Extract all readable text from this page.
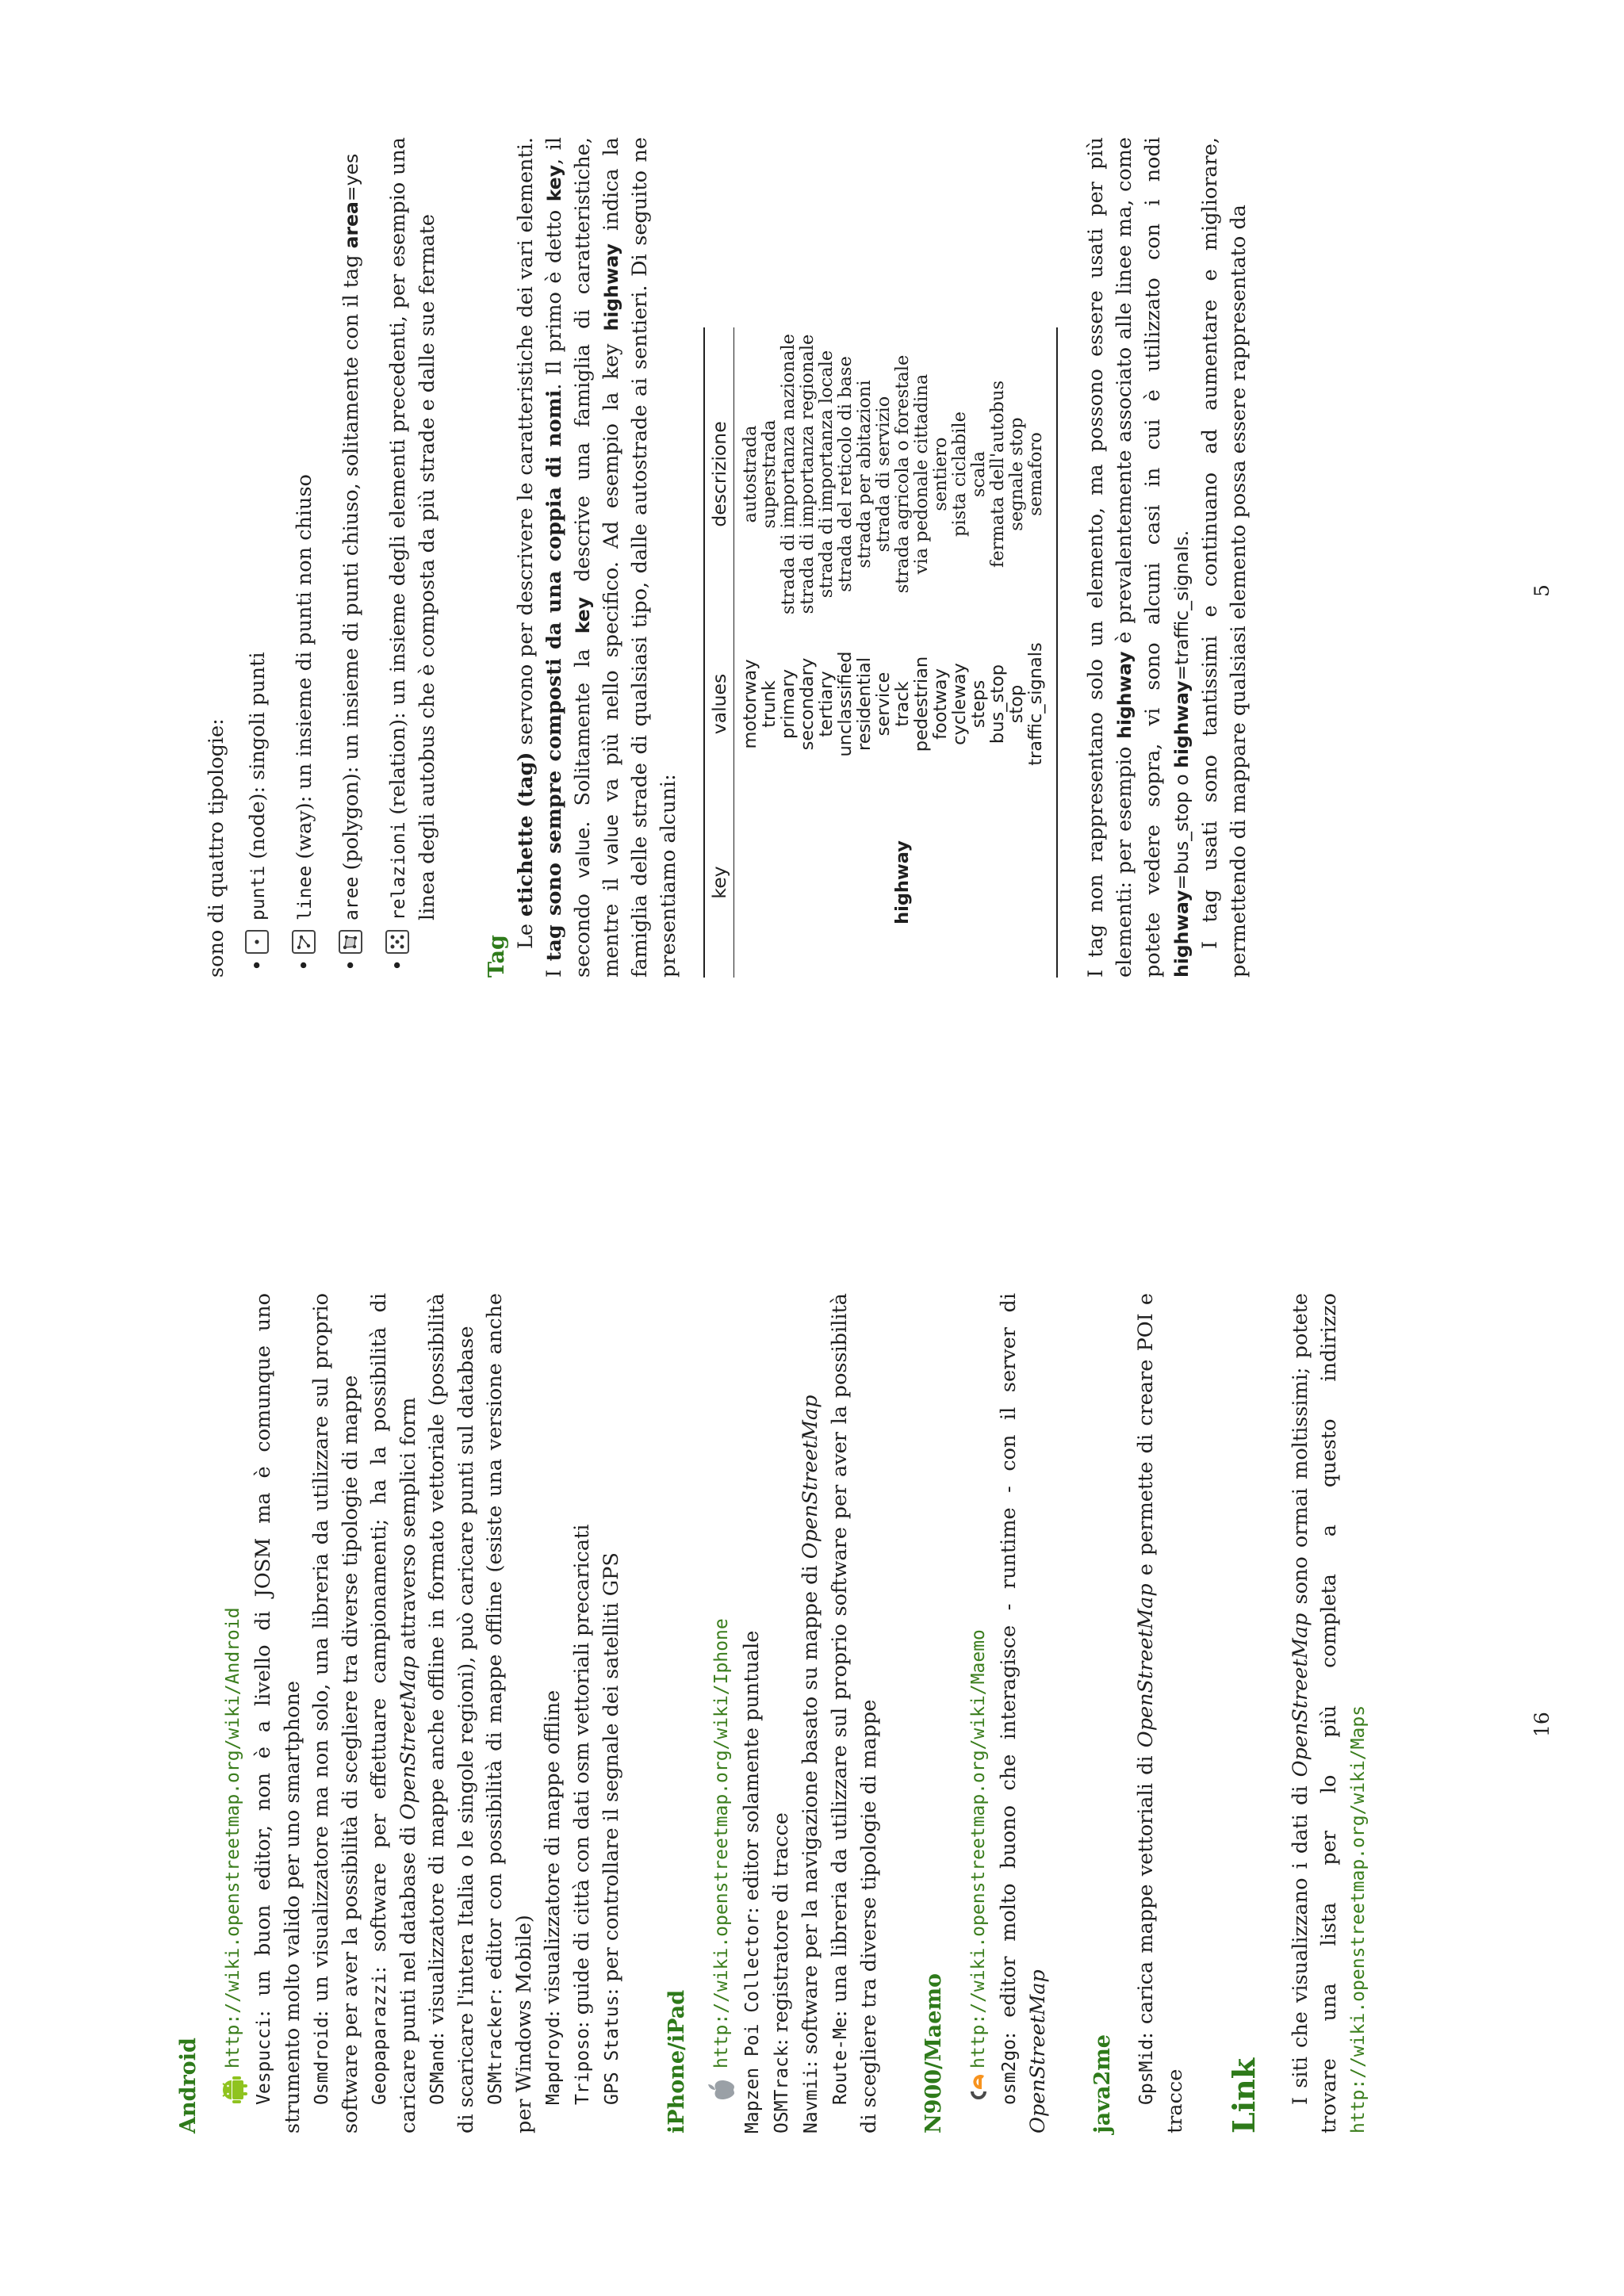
Android
http://wiki.openstreetmap.org/wiki/Android Vespucci: un buon editor, non è a livello di JOSM ma è comunque uno strumento molto valido per uno smartphone Osmdroid: un visualizzatore ma non solo, una libreria da utilizzare sul proprio software per aver la possibilità di scegliere tra diverse tipologie di mappe Geopaparazzi: software per effettuare campionamenti; ha la possibilità di caricare punti nel database di OpenStreetMap attraverso semplici form

OSMand: visualizzatore di mappe anche offline in formato vettoriale (possibilità di scaricare l'intera Italia o le singole regioni), può caricare punti sul database OSMtracker: editor con possibilità di mappe offline (esiste una versione anche per Windows Mobile) Mapdroyd: visualizzatore di mappe offline

Triposo: guide di città con dati osm vettoriali precaricati

GPS Status: per controllare il segnale dei satelliti GPS

iPhone/iPad http://wiki.openstreetmap.org/wiki/Iphone Mapzen Poi Collector: editor solamente puntuale

OSMTrack: registratore di tracce

Navmii: software per la navigazione basato su mappe di OpenStreetMap

Route-Me: una libreria da utilizzare sul proprio software per aver la possibilità di scegliere tra diverse tipologie di mappe N900/Maemo http://wiki.openstreetmap.org/wiki/Maemo

osm2go: editor molto buono che interagisce - runtime - con il server di OpenStreetMap java2me GpsMid: carica mappe vettoriali di OpenStreetMap e permette di creare POI e tracce Link I siti che visualizzano i dati di OpenStreetMap sono ormai moltissimi; potete trovare una lista per lo più completa a questo indirizzo http://wiki.openstreetmap.org/wiki/Maps	16

sono di quattro tipologie: •
punti (node): singoli punti
•
linee (way): un insieme di punti non chiuso
•
aree (polygon): un insieme di punti chiuso, solitamente con il tag area=yes
•
relazioni (relation): un insieme degli elementi precedenti, per esempio una linea degli autobus che è composta da più strade e dalle sue fermate
Tag

Le etichette (tag) servono per descrivere le caratteristiche dei vari elementi. I tag sono sempre composti da una coppia di nomi. Il primo è detto key, il secondo value. Solitamente la key descrive una famiglia di caratteristiche, mentre il value va più nello specifico. Ad esempio la key highway indica la famiglia delle strade di qualsiasi tipo, dalle autostrade ai sentieri. Di seguito ne presentiamo alcuni: key	values	descrizione
	motorway	autostrada
	trunk	superstrada
	primary	strada di importanza nazionale
	secondary	strada di importanza regionale
	tertiary	strada di importanza locale
	unclassified	strada del reticolo di base
	residential	strada per abitazioni
	service	strada di servizio
highway	track	strada agricola o forestale
	pedestrian	via pedonale cittadina
	footway	sentiero
	cycleway	pista ciclabile
	steps	scala
	bus_stop	fermata dell'autobus
	stop	segnale stop
	traffic_signals	semaforo I tag non rappresentano solo un elemento, ma possono essere usati per più elementi: per esempio highway è prevalentemente associato alle linee ma, come potete vedere sopra, vi sono alcuni casi in cui è utilizzato con i nodi highway=bus_stop o highway=traffic_signals. I tag usati sono tantissimi e continuano ad aumentare e migliorare, permettendo di mappare qualsiasi elemento possa essere rappresentato da	5
